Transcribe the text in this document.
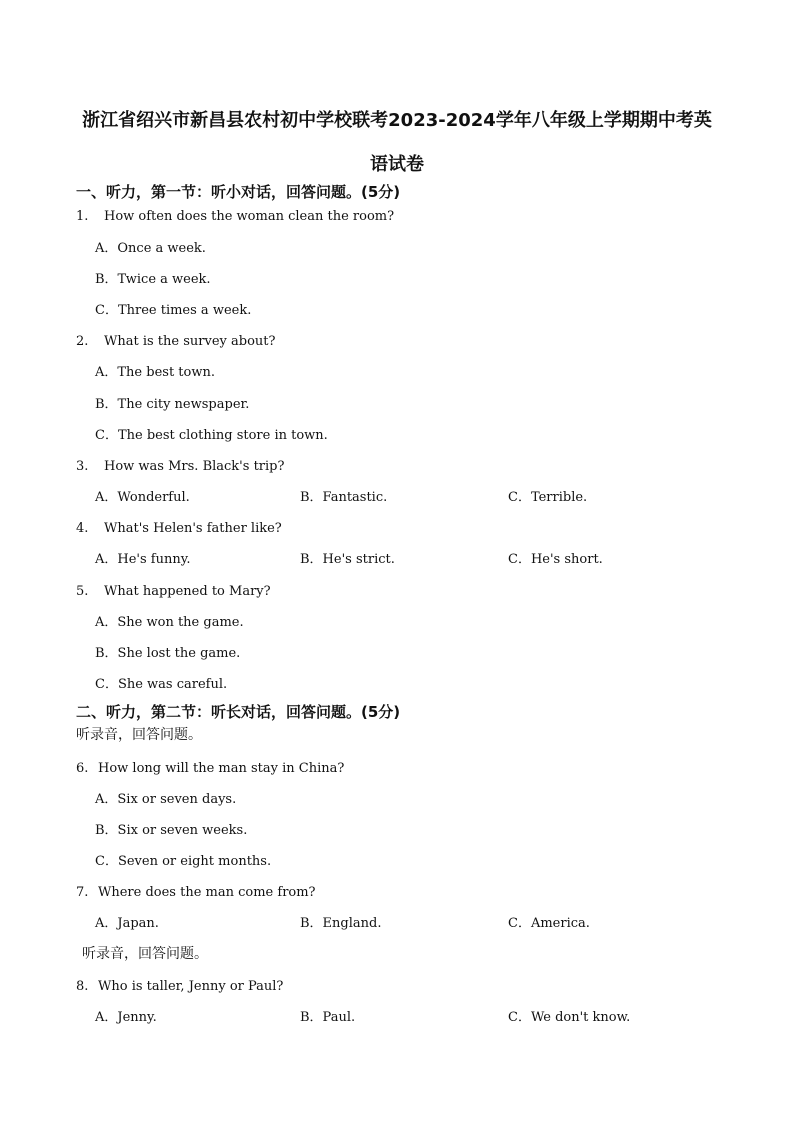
浙江省绍兴市新昌县农村初中学校联考2023-2024学年八年级上学期期中考英
语试卷
一、听力，第一节：听小对话，回答问题。(5分)
1. How often does the woman clean the room?
A．Once a week.
B．Twice a week.
C．Three times a week.
2. What is the survey about?
A．The best town.
B．The city newspaper.
C．The best clothing store in town.
3. How was Mrs. Black's trip?
A．Wonderful.	B．Fantastic.	C．Terrible.
4. What's Helen's father like?
A．He's funny.	B．He's strict.	C．He's short.
5. What happened to Mary?
A．She won the game.
B．She lost the game.
C．She was careful.
二、听力，第二节：听长对话，回答问题。(5分)
听录音，回答问题。
6. How long will the man stay in China?
A．Six or seven days.
B．Six or seven weeks.
C．Seven or eight months.
7. Where does the man come from?
A．Japan.	B．England.	C．America.
听录音，回答问题。
8. Who is taller, Jenny or Paul?
A．Jenny.	B．Paul.	C．We don't know.
